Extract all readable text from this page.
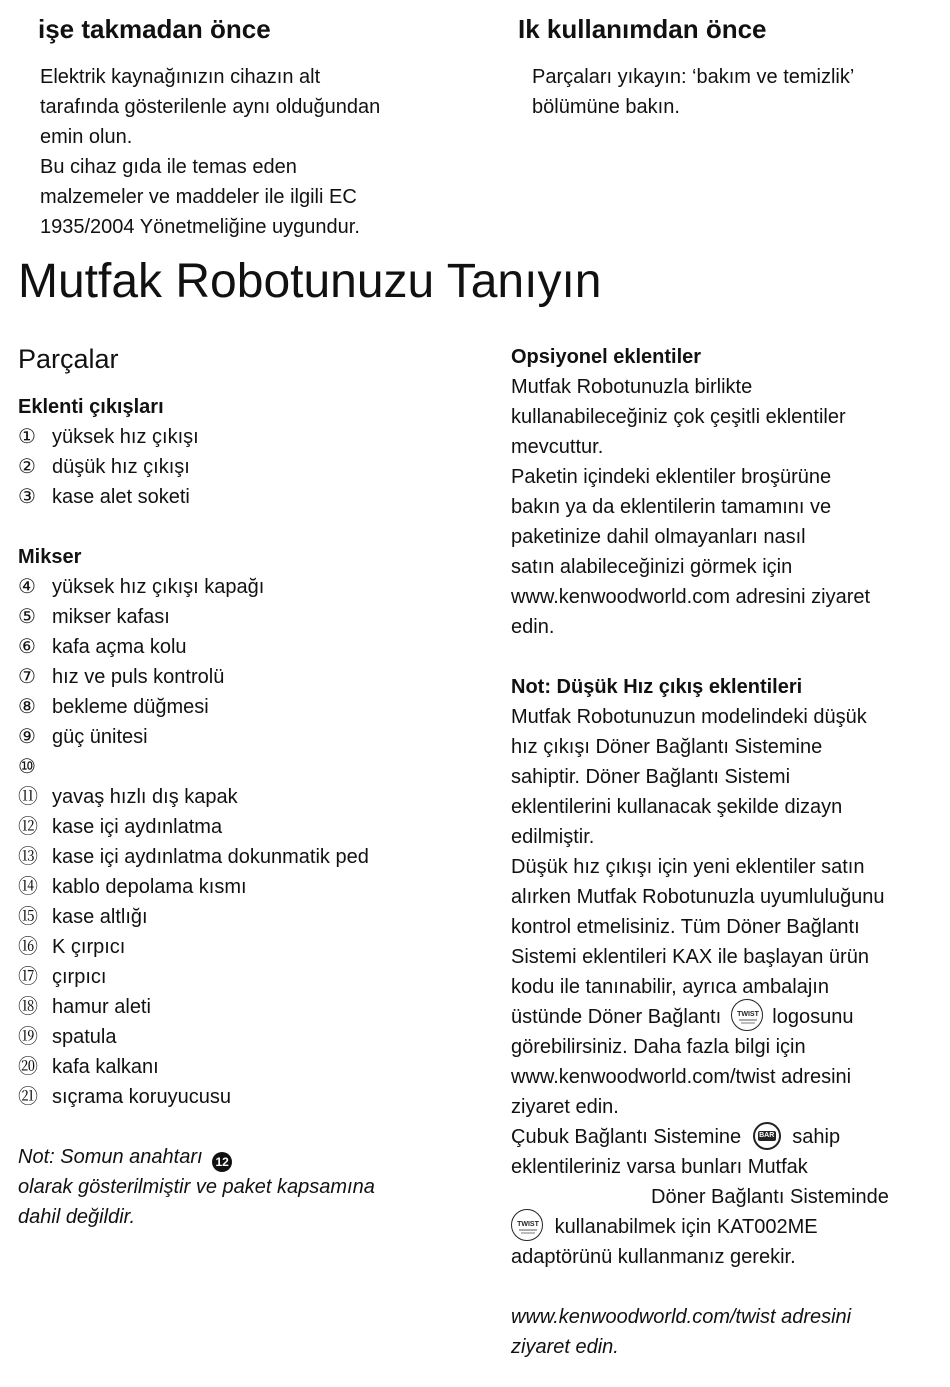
işe takmadan önce
Elektrik kaynağınızın cihazın alt
tarafında gösterilenle aynı olduğundan
emin olun.
Bu cihaz gıda ile temas eden
malzemeler ve maddeler ile ilgili EC
1935/2004 Yönetmeliğine uygundur.
Ik kullanımdan önce
Parçaları yıkayın: ‘bakım ve temizlik’
bölümüne bakın.
Mutfak Robotunuzu Tanıyın
Parçalar
Eklenti çıkışları
① yüksek hız çıkışı
② düşük hız çıkışı
③ kase alet soketi
Mikser
④ yüksek hız çıkışı kapağı
⑤ mikser kafası
⑥ kafa açma kolu
⑦ hız ve puls kontrolü
⑧ bekleme düğmesi
⑨ güç ünitesi
⑩
⑪ yavaş hızlı dış kapak
⑫ kase içi aydınlatma
⑬ kase içi aydınlatma dokunmatik ped
⑭ kablo depolama kısmı
⑮ kase altlığı
⑯ K çırpıcı
⑰ çırpıcı
⑱ hamur aleti
⑲ spatula
⑳ kafa kalkanı
㉑ sıçrama koruyucusu
Not: Somun anahtarı 12
olarak gösterilmiştir ve paket kapsamına
dahil değildir.
Opsiyonel eklentiler
Mutfak Robotunuzla birlikte
kullanabileceğiniz çok çeşitli eklentiler
mevcuttur.
Paketin içindeki eklentiler broşürüne
bakın ya da eklentilerin tamamını ve
paketinize dahil olmayanları nasıl
satın alabileceğinizi görmek için
www.kenwoodworld.com adresini ziyaret
edin.
Not: Düşük Hız çıkış eklentileri
Mutfak Robotunuzun modelindeki düşük
hız çıkışı Döner Bağlantı Sistemine
sahiptir. Döner Bağlantı Sistemi
eklentilerini kullanacak şekilde dizayn
edilmiştir.
Düşük hız çıkışı için yeni eklentiler satın
alırken Mutfak Robotunuzla uyumluluğunu
kontrol etmelisiniz. Tüm Döner Bağlantı
Sistemi eklentileri KAX ile başlayan ürün
kodu ile tanınabilir, ayrıca ambalajın
üstünde Döner Bağlantı TWIST logosunu
görebilirsiniz. Daha fazla bilgi için
www.kenwoodworld.com/twist adresini
ziyaret edin.
Çubuk Bağlantı Sistemine	BAR sahip
eklentileriniz varsa bunları Mutfak
Döner Bağlantı Sisteminde
TWIST kullanabilmek için KAT002ME
adaptörünü kullanmanız gerekir.
www.kenwoodworld.com/twist adresini
ziyaret edin.
